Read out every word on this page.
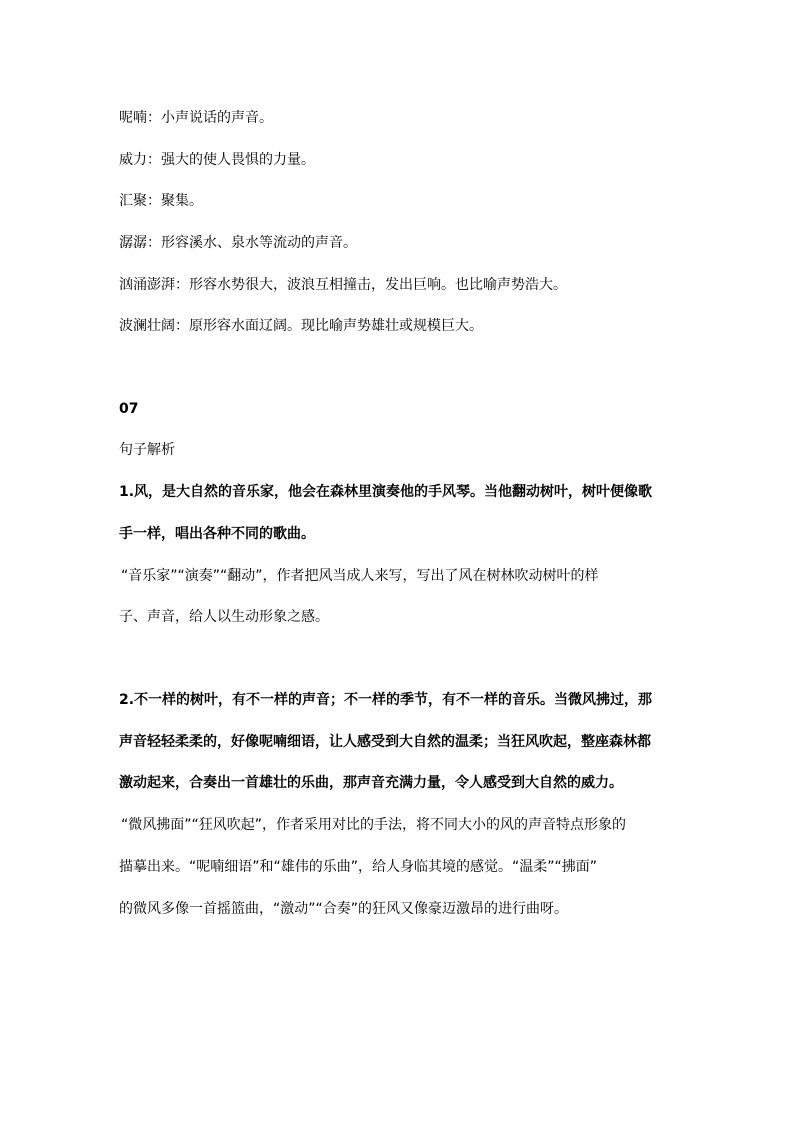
呢喃：小声说话的声音。

威力：强大的使人畏惧的力量。

汇聚：聚集。

潺潺：形容溪水、泉水等流动的声音。

汹涌澎湃：形容水势很大，波浪互相撞击，发出巨响。也比喻声势浩大。

波澜壮阔：原形容水面辽阔。现比喻声势雄壮或规模巨大。

07

句子解析

1.风，是大自然的音乐家，他会在森林里演奏他的手风琴。当他翻动树叶，树叶便像歌

手一样，唱出各种不同的歌曲。

“音乐家”“演奏”“翻动”，作者把风当成人来写，写出了风在树林吹动树叶的样

子、声音，给人以生动形象之感。

2.不一样的树叶，有不一样的声音；不一样的季节，有不一样的音乐。当微风拂过，那

声音轻轻柔柔的，好像呢喃细语，让人感受到大自然的温柔；当狂风吹起，整座森林都

激动起来，合奏出一首雄壮的乐曲，那声音充满力量，令人感受到大自然的威力。

“微风拂面”“狂风吹起”，作者采用对比的手法，将不同大小的风的声音特点形象的

描摹出来。“呢喃细语”和“雄伟的乐曲”，给人身临其境的感觉。“温柔”“拂面”

的微风多像一首摇篮曲，“激动”“合奏”的狂风又像豪迈激昂的进行曲呀。
